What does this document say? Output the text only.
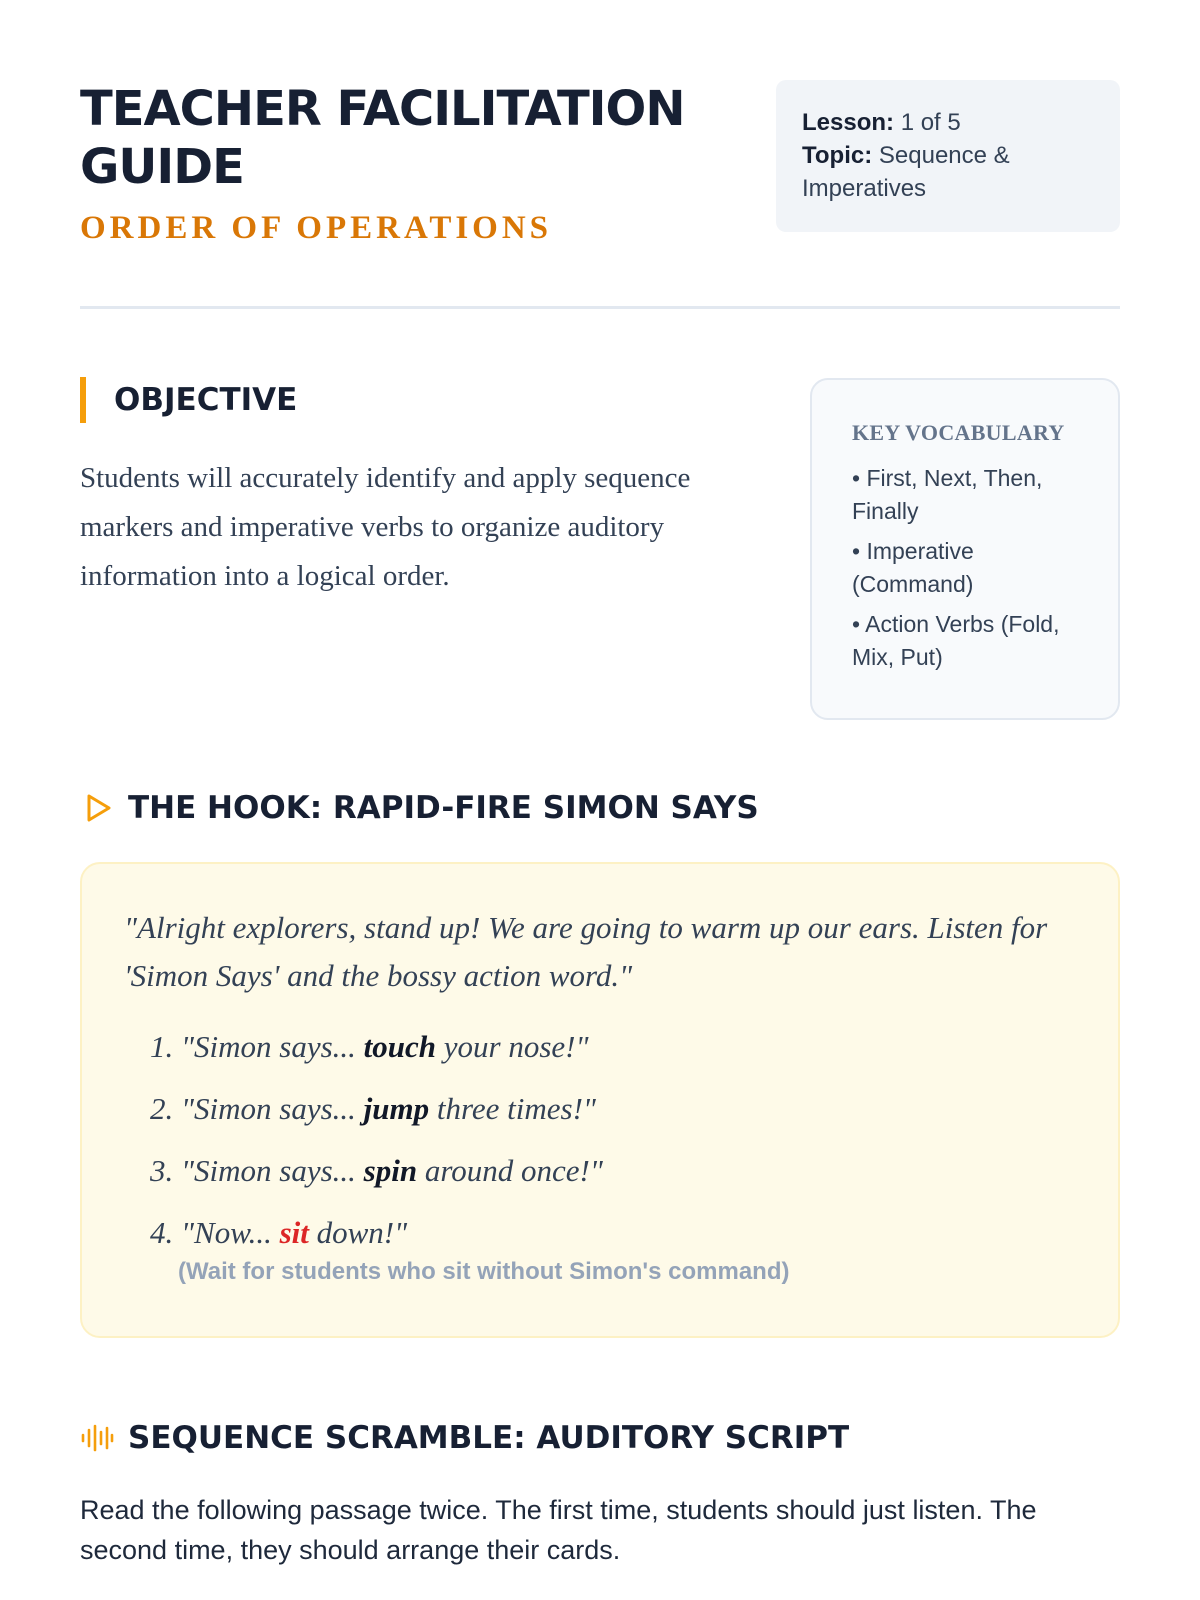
TEACHER FACILITATION GUIDE
ORDER OF OPERATIONS
Lesson: 1 of 5
Topic: Sequence & Imperatives
OBJECTIVE

Students will accurately identify and apply sequence markers and imperative verbs to organize auditory information into a logical order.

KEY VOCABULARY
• First, Next, Then, Finally
• Imperative (Command)
• Action Verbs (Fold, Mix, Put)
THE HOOK: RAPID-FIRE SIMON SAYS

"Alright explorers, stand up! We are going to warm up our ears. Listen for 'Simon Says' and the bossy action word."

1. "Simon says... touch your nose!"
2. "Simon says... jump three times!"
3. "Simon says... spin around once!"
4. "Now... sit down!"
(Wait for students who sit without Simon's command)
SEQUENCE SCRAMBLE: AUDITORY SCRIPT

Read the following passage twice. The first time, students should just listen. The second time, they should arrange their cards.
